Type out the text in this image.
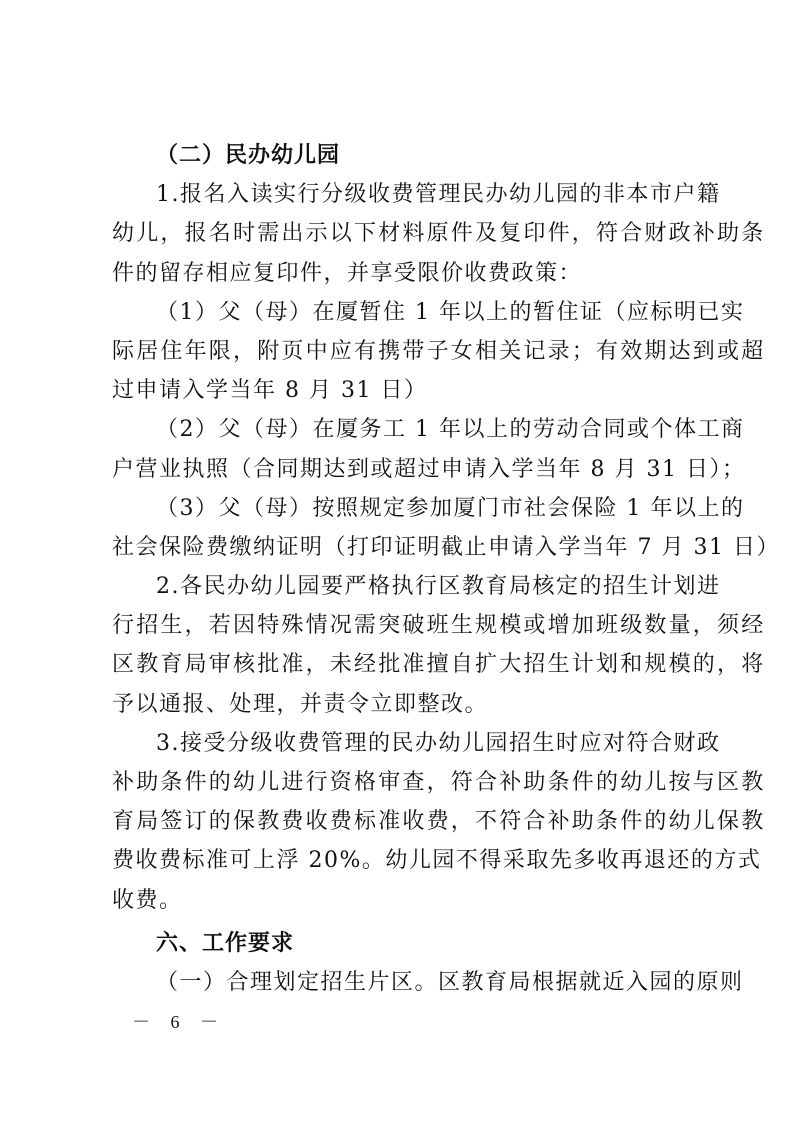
（二）民办幼儿园
1.报名入读实行分级收费管理民办幼儿园的非本市户籍
幼儿，报名时需出示以下材料原件及复印件，符合财政补助条
件的留存相应复印件，并享受限价收费政策：
（1）父（母）在厦暂住 1 年以上的暂住证（应标明已实
际居住年限，附页中应有携带子女相关记录；有效期达到或超
过申请入学当年 8 月 31 日）
（2）父（母）在厦务工 1 年以上的劳动合同或个体工商
户营业执照（合同期达到或超过申请入学当年 8 月 31 日）；
（3）父（母）按照规定参加厦门市社会保险 1 年以上的
社会保险费缴纳证明（打印证明截止申请入学当年 7 月 31 日）
2.各民办幼儿园要严格执行区教育局核定的招生计划进
行招生，若因特殊情况需突破班生规模或增加班级数量，须经
区教育局审核批准，未经批准擅自扩大招生计划和规模的，将
予以通报、处理，并责令立即整改。
3.接受分级收费管理的民办幼儿园招生时应对符合财政
补助条件的幼儿进行资格审查，符合补助条件的幼儿按与区教
育局签订的保教费收费标准收费，不符合补助条件的幼儿保教
费收费标准可上浮 20%。幼儿园不得采取先多收再退还的方式
收费。
六、工作要求
（一）合理划定招生片区。区教育局根据就近入园的原则
－ 6 －
